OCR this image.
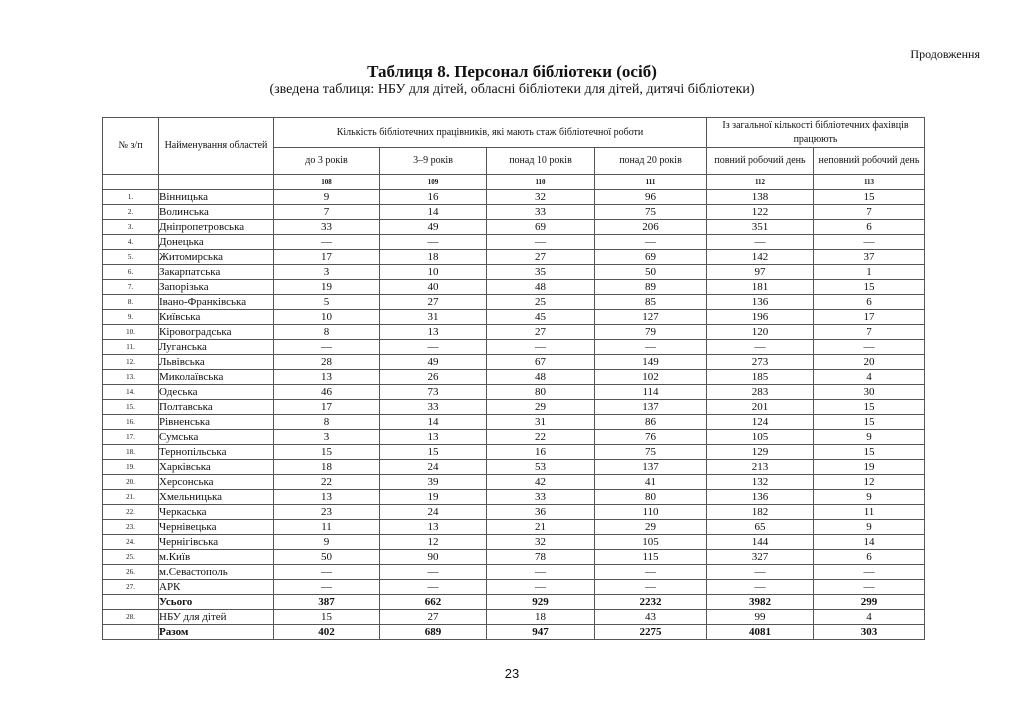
Продовження
Таблиця 8. Персонал бібліотеки (осіб)
(зведена таблиця: НБУ для дітей, обласні бібліотеки для дітей, дитячі бібліотеки)
№ з/п	Найменування областей	Кількість бібліотечних працівників, які мають стаж бібліотечної роботи				Із загальної кількості бібліотечних фахівців працюють	
		до 3 років	3–9 років	понад 10 років	понад 20 років	повний робочий день	неповний робочий день
		108	109	110	111	112	113
1.	Вінницька	9	16	32	96	138	15
2.	Волинська	7	14	33	75	122	7
3.	Дніпропетровська	33	49	69	206	351	6
4.	Донецька	—	—	—	—	—	—
5.	Житомирська	17	18	27	69	142	37
6.	Закарпатська	3	10	35	50	97	1
7.	Запорізька	19	40	48	89	181	15
8.	Івано-Франківська	5	27	25	85	136	6
9.	Київська	10	31	45	127	196	17
10.	Кіровоградська	8	13	27	79	120	7
11.	Луганська	—	—	—	—	—	—
12.	Львівська	28	49	67	149	273	20
13.	Миколаївська	13	26	48	102	185	4
14.	Одеська	46	73	80	114	283	30
15.	Полтавська	17	33	29	137	201	15
16.	Рівненська	8	14	31	86	124	15
17.	Сумська	3	13	22	76	105	9
18.	Тернопільська	15	15	16	75	129	15
19.	Харківська	18	24	53	137	213	19
20.	Херсонська	22	39	42	41	132	12
21.	Хмельницька	13	19	33	80	136	9
22.	Черкаська	23	24	36	110	182	11
23.	Чернівецька	11	13	21	29	65	9
24.	Чернігівська	9	12	32	105	144	14
25.	м.Київ	50	90	78	115	327	6
26.	м.Севастополь	—	—	—	—	—	—
27.	АРК	—	—	—	—	—	—
	Усього	387	662	929	2232	3982	299
28.	НБУ для дітей	15	27	18	43	99	4
	Разом	402	689	947	2275	4081	303
23
